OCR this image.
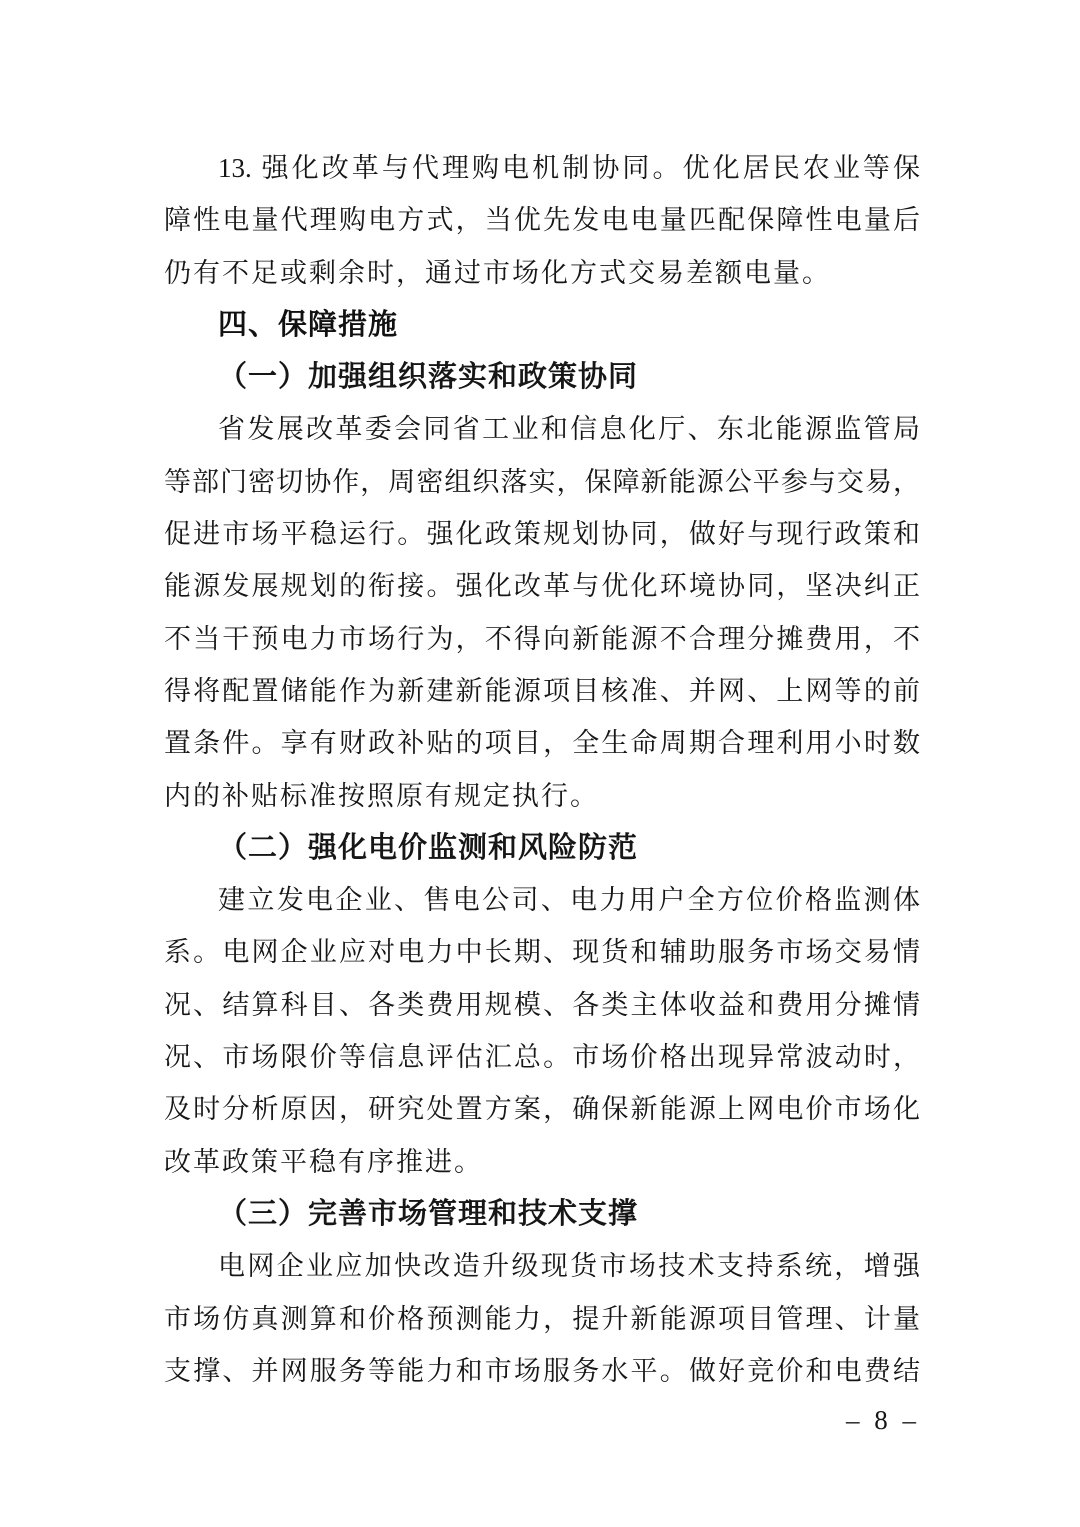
13. 强化改革与代理购电机制协同。优化居民农业等保
障性电量代理购电方式，当优先发电电量匹配保障性电量后
仍有不足或剩余时，通过市场化方式交易差额电量。
四、保障措施
（一）加强组织落实和政策协同
省发展改革委会同省工业和信息化厅、东北能源监管局
等部门密切协作，周密组织落实，保障新能源公平参与交易，
促进市场平稳运行。强化政策规划协同，做好与现行政策和
能源发展规划的衔接。强化改革与优化环境协同，坚决纠正
不当干预电力市场行为，不得向新能源不合理分摊费用，不
得将配置储能作为新建新能源项目核准、并网、上网等的前
置条件。享有财政补贴的项目，全生命周期合理利用小时数
内的补贴标准按照原有规定执行。
（二）强化电价监测和风险防范
建立发电企业、售电公司、电力用户全方位价格监测体
系。电网企业应对电力中长期、现货和辅助服务市场交易情
况、结算科目、各类费用规模、各类主体收益和费用分摊情
况、市场限价等信息评估汇总。市场价格出现异常波动时，
及时分析原因，研究处置方案，确保新能源上网电价市场化
改革政策平稳有序推进。
（三）完善市场管理和技术支撑
电网企业应加快改造升级现货市场技术支持系统，增强
市场仿真测算和价格预测能力，提升新能源项目管理、计量
支撑、并网服务等能力和市场服务水平。做好竞价和电费结
– 8 –
